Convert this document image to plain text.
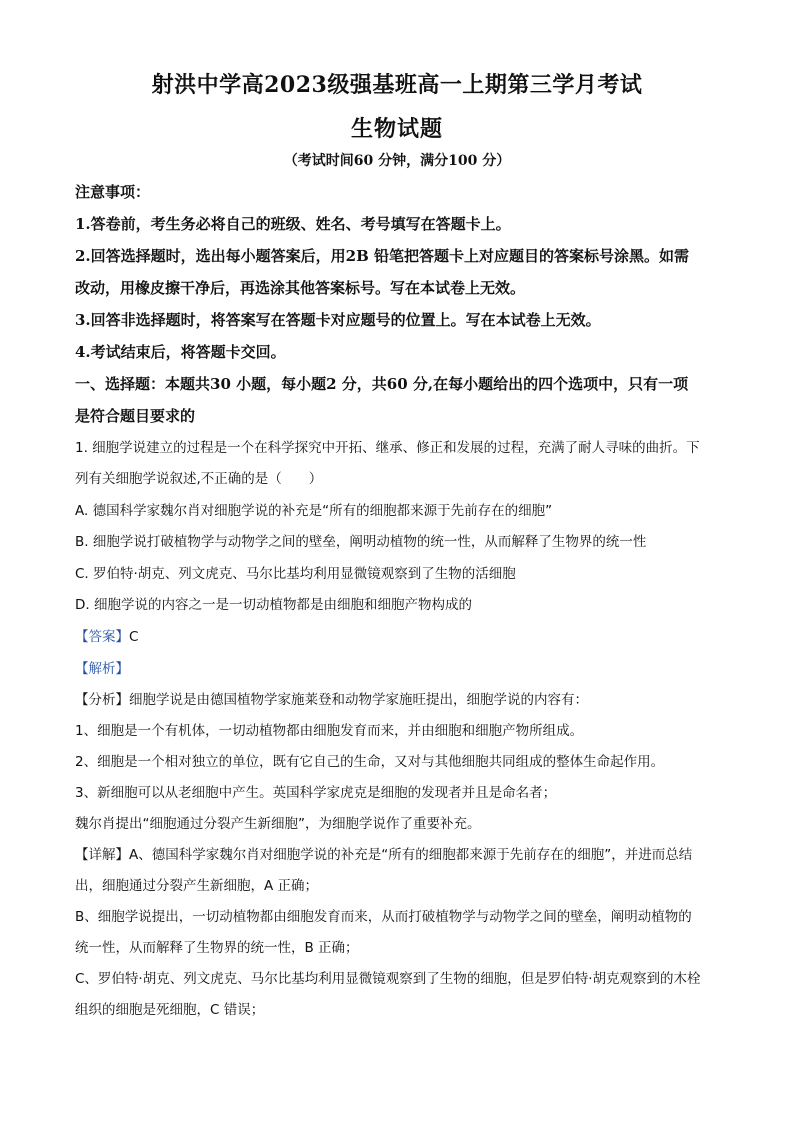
射洪中学高2023级强基班高一上期第三学月考试
生物试题
（考试时间60 分钟，满分100 分）
注意事项：
1.答卷前，考生务必将自己的班级、姓名、考号填写在答题卡上。
2.回答选择题时，选出每小题答案后，用2B 铅笔把答题卡上对应题目的答案标号涂黑。如需
改动，用橡皮擦干净后，再选涂其他答案标号。写在本试卷上无效。
3.回答非选择题时，将答案写在答题卡对应题号的位置上。写在本试卷上无效。
4.考试结束后，将答题卡交回。
一、选择题：本题共30 小题，每小题2 分，共60 分,在每小题给出的四个选项中，只有一项
是符合题目要求的
1. 细胞学说建立的过程是一个在科学探究中开拓、继承、修正和发展的过程，充满了耐人寻味的曲折。下
列有关细胞学说叙述,不正确的是（　　）
A. 德国科学家魏尔肖对细胞学说的补充是“所有的细胞都来源于先前存在的细胞”
B. 细胞学说打破植物学与动物学之间的壁垒，阐明动植物的统一性，从而解释了生物界的统一性
C. 罗伯特·胡克、列文虎克、马尔比基均利用显微镜观察到了生物的活细胞
D. 细胞学说的内容之一是一切动植物都是由细胞和细胞产物构成的
【答案】C
【解析】
【分析】细胞学说是由德国植物学家施莱登和动物学家施旺提出，细胞学说的内容有：
1、细胞是一个有机体，一切动植物都由细胞发育而来，并由细胞和细胞产物所组成。
2、细胞是一个相对独立的单位，既有它自己的生命，又对与其他细胞共同组成的整体生命起作用。
3、新细胞可以从老细胞中产生。英国科学家虎克是细胞的发现者并且是命名者；
魏尔肖提出“细胞通过分裂产生新细胞”，为细胞学说作了重要补充。
【详解】A、德国科学家魏尔肖对细胞学说的补充是“所有的细胞都来源于先前存在的细胞”，并进而总结
出，细胞通过分裂产生新细胞，A 正确；
B、细胞学说提出，一切动植物都由细胞发育而来，从而打破植物学与动物学之间的壁垒，阐明动植物的
统一性，从而解释了生物界的统一性，B 正确；
C、罗伯特·胡克、列文虎克、马尔比基均利用显微镜观察到了生物的细胞，但是罗伯特·胡克观察到的木栓
组织的细胞是死细胞，C 错误；
